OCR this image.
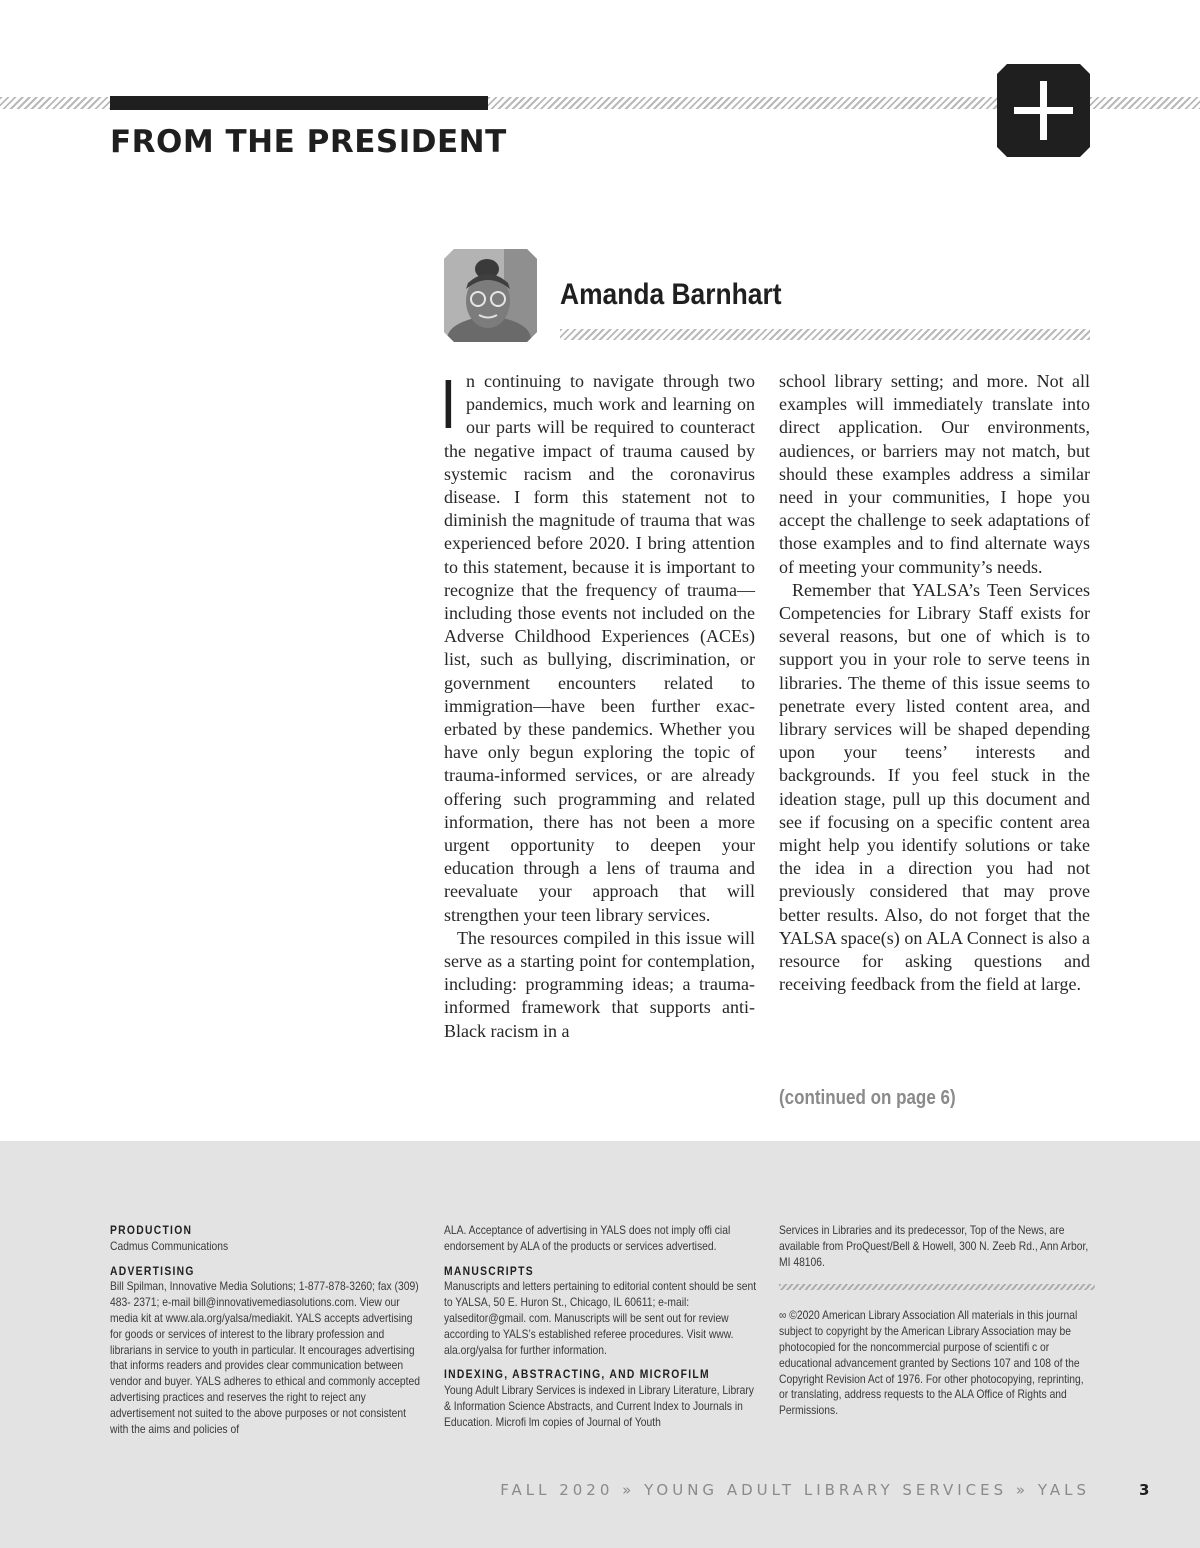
FROM THE PRESIDENT
Amanda Barnhart

In continuing to navigate through two pandemics, much work and learning on our parts will be required to counteract the negative impact of trauma caused by systemic racism and the coronavirus disease. I form this statement not to diminish the magnitude of trauma that was experienced before 2020. I bring attention to this statement, because it is important to recognize that the frequency of trauma—including those events not included on the Adverse Childhood Experiences (ACEs) list, such as bullying, discrimination, or government encounters related to immigration—have been further exacerbated by these pandemics. Whether you have only begun exploring the topic of trauma-informed services, or are already offering such programming and related information, there has not been a more urgent opportunity to deepen your education through a lens of trauma and reevaluate your approach that will strengthen your teen library services.

The resources compiled in this issue will serve as a starting point for contemplation, including: programming ideas; a trauma-informed framework that supports anti-Black racism in a

school library setting; and more. Not all examples will immediately translate into direct application. Our environments, audiences, or barriers may not match, but should these examples address a similar need in your communities, I hope you accept the challenge to seek adaptations of those examples and to find alternate ways of meeting your community’s needs.

Remember that YALSA’s Teen Services Competencies for Library Staff exists for several reasons, but one of which is to support you in your role to serve teens in libraries. The theme of this issue seems to penetrate every listed content area, and library services will be shaped depending upon your teens’ interests and backgrounds. If you feel stuck in the ideation stage, pull up this document and see if focusing on a specific content area might help you identify solutions or take the idea in a direction you had not previously considered that may prove better results. Also, do not forget that the YALSA space(s) on ALA Connect is also a resource for asking questions and receiving feedback from the field at large.

(continued on page 6)

PRODUCTION

Cadmus Communications

ADVERTISING

Bill Spilman, Innovative Media Solutions; 1-877-878-3260; fax (309) 483- 2371; e-mail bill@innovativemediasolutions.com. View our media kit at www.ala.org/yalsa/mediakit. YALS accepts advertising for goods or services of interest to the library profession and librarians in service to youth in particular. It encourages advertising that informs readers and provides clear communication between vendor and buyer. YALS adheres to ethical and commonly accepted advertising practices and reserves the right to reject any advertisement not suited to the above purposes or not consistent with the aims and policies of

ALA. Acceptance of advertising in YALS does not imply offi cial endorsement by ALA of the products or services advertised.

MANUSCRIPTS

Manuscripts and letters pertaining to editorial content should be sent to YALSA, 50 E. Huron St., Chicago, IL 60611; e-mail: yalseditor@gmail. com. Manuscripts will be sent out for review according to YALS’s established referee procedures. Visit www. ala.org/yalsa for further information.

INDEXING, ABSTRACTING, AND MICROFILM

Young Adult Library Services is indexed in Library Literature, Library & Information Science Abstracts, and Current Index to Journals in Education. Microfi lm copies of Journal of Youth

Services in Libraries and its predecessor, Top of the News, are available from ProQuest/Bell & Howell, 300 N. Zeeb Rd., Ann Arbor, MI 48106.

∞ ©2020 American Library Association All materials in this journal subject to copyright by the American Library Association may be photocopied for the noncommercial purpose of scientifi c or educational advancement granted by Sections 107 and 108 of the Copyright Revision Act of 1976. For other photocopying, reprinting, or translating, address requests to the ALA Office of Rights and Permissions.

FALL 2020 » YOUNG ADULT LIBRARY SERVICES » YALS	3
